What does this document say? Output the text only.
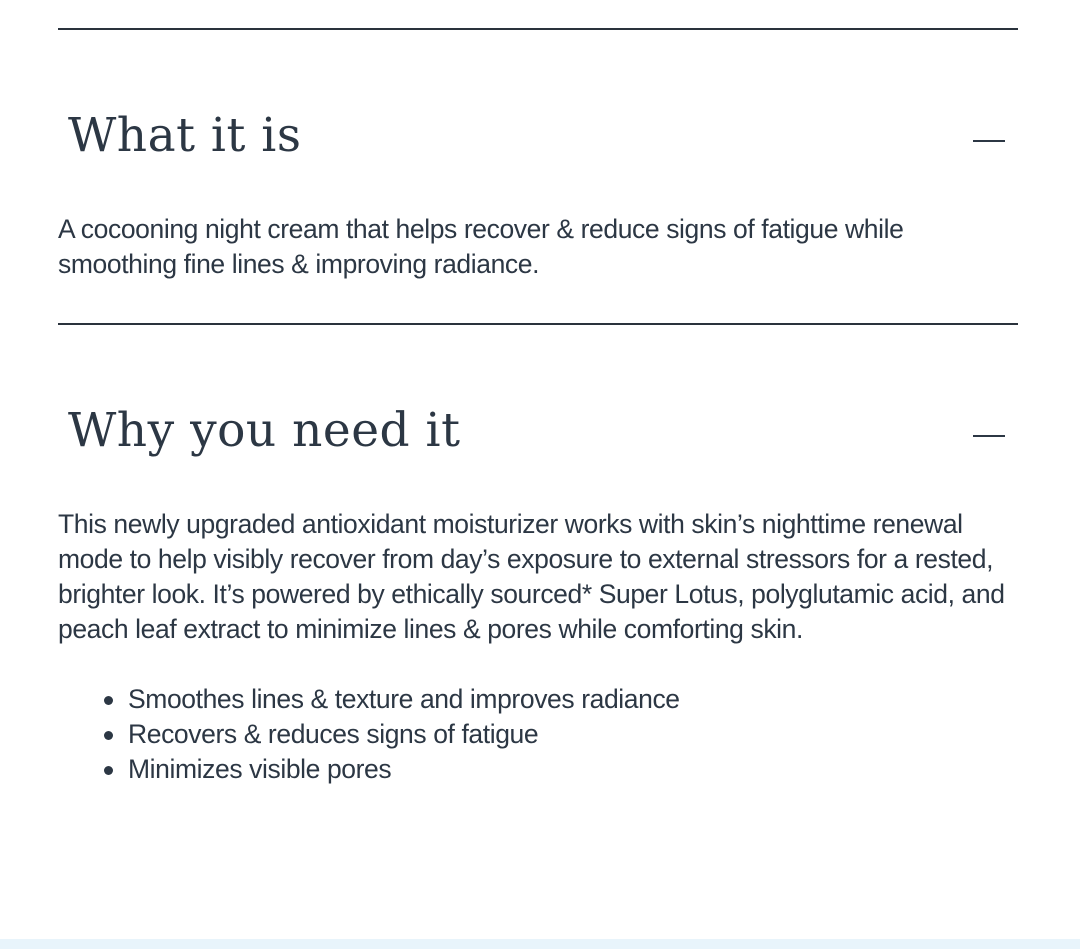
What it is

A cocooning night cream that helps recover & reduce signs of fatigue while smoothing fine lines & improving radiance.

Why you need it

This newly upgraded antioxidant moisturizer works with skin’s nighttime renewal mode to help visibly recover from day’s exposure to external stressors for a rested, brighter look. It’s powered by ethically sourced* Super Lotus, polyglutamic acid, and peach leaf extract to minimize lines & pores while comforting skin.

Smoothes lines & texture and improves radiance
Recovers & reduces signs of fatigue
Minimizes visible pores
